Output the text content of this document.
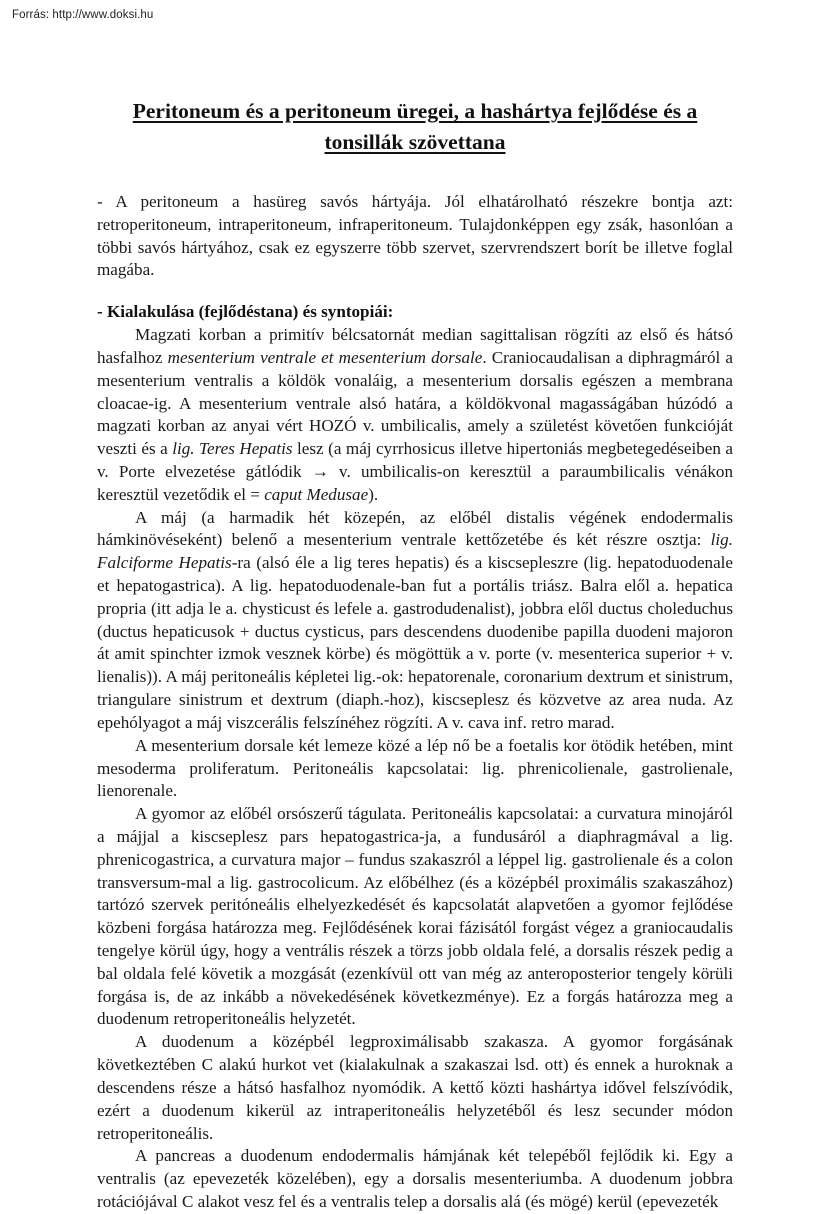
Forrás: http://www.doksi.hu
Peritoneum és a peritoneum üregei, a hashártya fejlődése és a
tonsillák szövettana

- A peritoneum a hasüreg savós hártyája. Jól elhatárolható részekre bontja azt: retroperitoneum, intraperitoneum, infraperitoneum. Tulajdonképpen egy zsák, hasonlóan a többi savós hártyához, csak ez egyszerre több szervet, szervrendszert borít be illetve foglal magába.

- Kialakulása (fejlődéstana) és syntopiái:

Magzati korban a primitív bélcsatornát median sagittalisan rögzíti az első és hátsó hasfalhoz mesenterium ventrale et mesenterium dorsale. Craniocaudalisan a diphragmáról a mesenterium ventralis a köldök vonaláig, a mesenterium dorsalis egészen a membrana cloacae-ig. A mesenterium ventrale alsó határa, a köldökvonal magasságában húzódó a magzati korban az anyai vért HOZÓ v. umbilicalis, amely a születést követően funkcióját veszti és a lig. Teres Hepatis lesz (a máj cyrrhosicus illetve hipertoniás megbetegedéseiben a v. Porte elvezetése gátlódik → v. umbilicalis-on keresztül a paraumbilicalis vénákon keresztül vezetődik el = caput Medusae).

A máj (a harmadik hét közepén, az előbél distalis végének endodermalis hámkinövéseként) belenő a mesenterium ventrale kettőzetébe és két részre osztja: lig. Falciforme Hepatis-ra (alsó éle a lig teres hepatis) és a kiscsepleszre (lig. hepatoduodenale et hepatogastrica). A lig. hepatoduodenale-ban fut a portális triász. Balra elől a. hepatica propria (itt adja le a. chysticust és lefele a. gastrodudenalist), jobbra elől ductus choleduchus (ductus hepaticusok + ductus cysticus, pars descendens duodenibe papilla duodeni majoron át amit spinchter izmok vesznek körbe) és mögöttük a v. porte (v. mesenterica superior + v. lienalis)). A máj peritoneális képletei lig.-ok: hepatorenale, coronarium dextrum et sinistrum, triangulare sinistrum et dextrum (diaph.-hoz), kiscseplesz és közvetve az area nuda. Az epehólyagot a máj viszcerális felszínéhez rögzíti. A v. cava inf. retro marad.

A mesenterium dorsale két lemeze közé a lép nő be a foetalis kor ötödik hetében, mint mesoderma proliferatum. Peritoneális kapcsolatai: lig. phrenicolienale, gastrolienale, lienorenale.

A gyomor az előbél orsószerű tágulata. Peritoneális kapcsolatai: a curvatura minojáról a májjal a kiscseplesz pars hepatogastrica-ja, a fundusáról a diaphragmával a lig. phrenicogastrica, a curvatura major – fundus szakaszról a léppel lig. gastrolienale és a colon transversum-mal a lig. gastrocolicum. Az előbélhez (és a középbél proximális szakaszához) tartózó szervek peritóneális elhelyezkedését és kapcsolatát alapvetően a gyomor fejlődése közbeni forgása határozza meg. Fejlődésének korai fázisától forgást végez a graniocaudalis tengelye körül úgy, hogy a ventrális részek a törzs jobb oldala felé, a dorsalis részek pedig a bal oldala felé követik a mozgását (ezenkívül ott van még az anteroposterior tengely körüli forgása is, de az inkább a növekedésének következménye). Ez a forgás határozza meg a duodenum retroperitoneális helyzetét.

A duodenum a középbél legproximálisabb szakasza. A gyomor forgásának következtében C alakú hurkot vet (kialakulnak a szakaszai lsd. ott) és ennek a huroknak a descendens része a hátsó hasfalhoz nyomódik. A kettő közti hashártya idővel felszívódik, ezért a duodenum kikerül az intraperitoneális helyzetéből és lesz secunder módon retroperitoneális.

A pancreas a duodenum endodermalis hámjának két telepéből fejlődik ki. Egy a ventralis (az epevezeték közelében), egy a dorsalis mesenteriumba. A duodenum jobbra rotációjával C alakot vesz fel és a ventralis telep a dorsalis alá (és mögé) kerül (epevezeték
